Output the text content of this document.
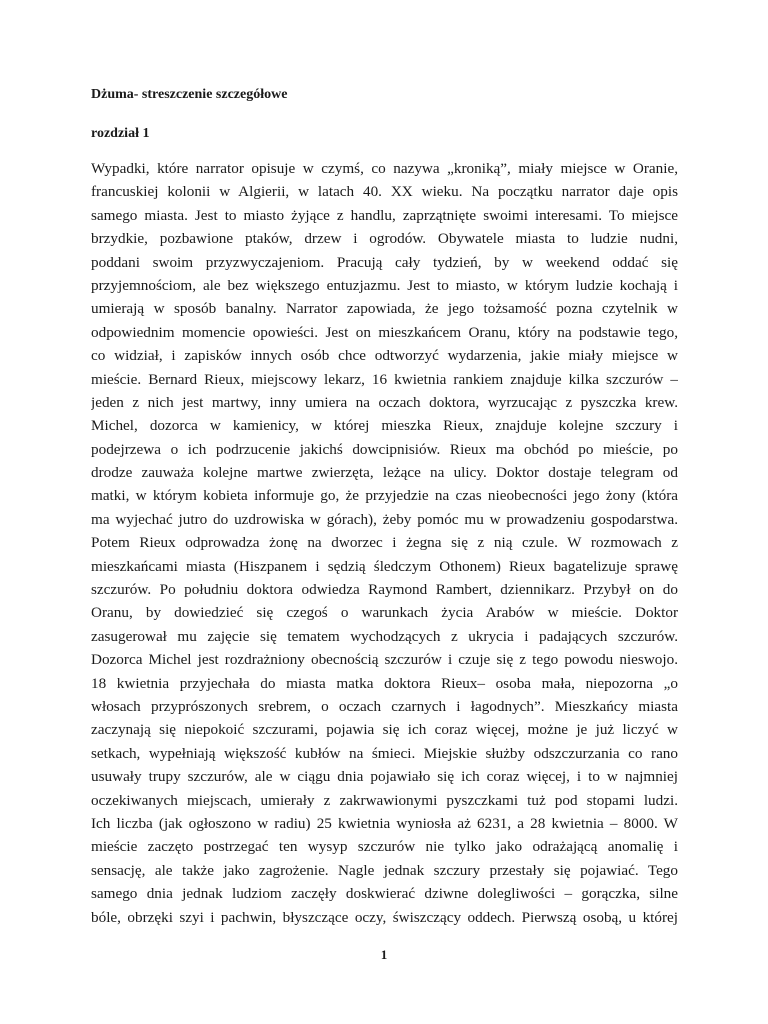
Dżuma- streszczenie szczegółowe
rozdział 1
Wypadki, które narrator opisuje w czymś, co nazywa „kroniką”, miały miejsce w Oranie,
francuskiej kolonii w Algierii, w latach 40. XX wieku. Na początku narrator daje opis
samego miasta. Jest to miasto żyjące z handlu, zaprzątnięte swoimi interesami. To miejsce
brzydkie, pozbawione ptaków, drzew i ogrodów. Obywatele miasta to ludzie nudni,
poddani swoim przyzwyczajeniom. Pracują cały tydzień, by w weekend oddać się
przyjemnościom, ale bez większego entuzjazmu. Jest to miasto, w którym ludzie kochają i
umierają w sposób banalny. Narrator zapowiada, że jego tożsamość pozna czytelnik w
odpowiednim momencie opowieści. Jest on mieszkańcem Oranu, który na podstawie tego,
co widział, i zapisków innych osób chce odtworzyć wydarzenia, jakie miały miejsce w
mieście. Bernard Rieux, miejscowy lekarz, 16 kwietnia rankiem znajduje kilka szczurów –
jeden z nich jest martwy, inny umiera na oczach doktora, wyrzucając z pyszczka krew.
Michel, dozorca w kamienicy, w której mieszka Rieux, znajduje kolejne szczury i
podejrzewa o ich podrzucenie jakichś dowcipnisiów. Rieux ma obchód po mieście, po
drodze zauważa kolejne martwe zwierzęta, leżące na ulicy. Doktor dostaje telegram od
matki, w którym kobieta informuje go, że przyjedzie na czas nieobecności jego żony (która
ma wyjechać jutro do uzdrowiska w górach), żeby pomóc mu w prowadzeniu gospodarstwa.
Potem Rieux odprowadza żonę na dworzec i żegna się z nią czule. W rozmowach z
mieszkańcami miasta (Hiszpanem i sędzią śledczym Othonem) Rieux bagatelizuje sprawę
szczurów. Po południu doktora odwiedza Raymond Rambert, dziennikarz. Przybył on do
Oranu, by dowiedzieć się czegoś o warunkach życia Arabów w mieście. Doktor
zasugerował mu zajęcie się tematem wychodzących z ukrycia i padających szczurów.
Dozorca Michel jest rozdrażniony obecnością szczurów i czuje się z tego powodu nieswojo.
18 kwietnia przyjechała do miasta matka doktora Rieux– osoba mała, niepozorna „o
włosach przyprószonych srebrem, o oczach czarnych i łagodnych”. Mieszkańcy miasta
zaczynają się niepokoić szczurami, pojawia się ich coraz więcej, możne je już liczyć w
setkach, wypełniają większość kubłów na śmieci. Miejskie służby odszczurzania co rano
usuwały trupy szczurów, ale w ciągu dnia pojawiało się ich coraz więcej, i to w najmniej
oczekiwanych miejscach, umierały z zakrwawionymi pyszczkami tuż pod stopami ludzi.
Ich liczba (jak ogłoszono w radiu) 25 kwietnia wyniosła aż 6231, a 28 kwietnia – 8000. W
mieście zaczęto postrzegać ten wysyp szczurów nie tylko jako odrażającą anomalię i
sensację, ale także jako zagrożenie. Nagle jednak szczury przestały się pojawiać. Tego
samego dnia jednak ludziom zaczęły doskwierać dziwne dolegliwości – gorączka, silne
bóle, obrzęki szyi i pachwin, błyszczące oczy, świszczący oddech. Pierwszą osobą, u której
1
